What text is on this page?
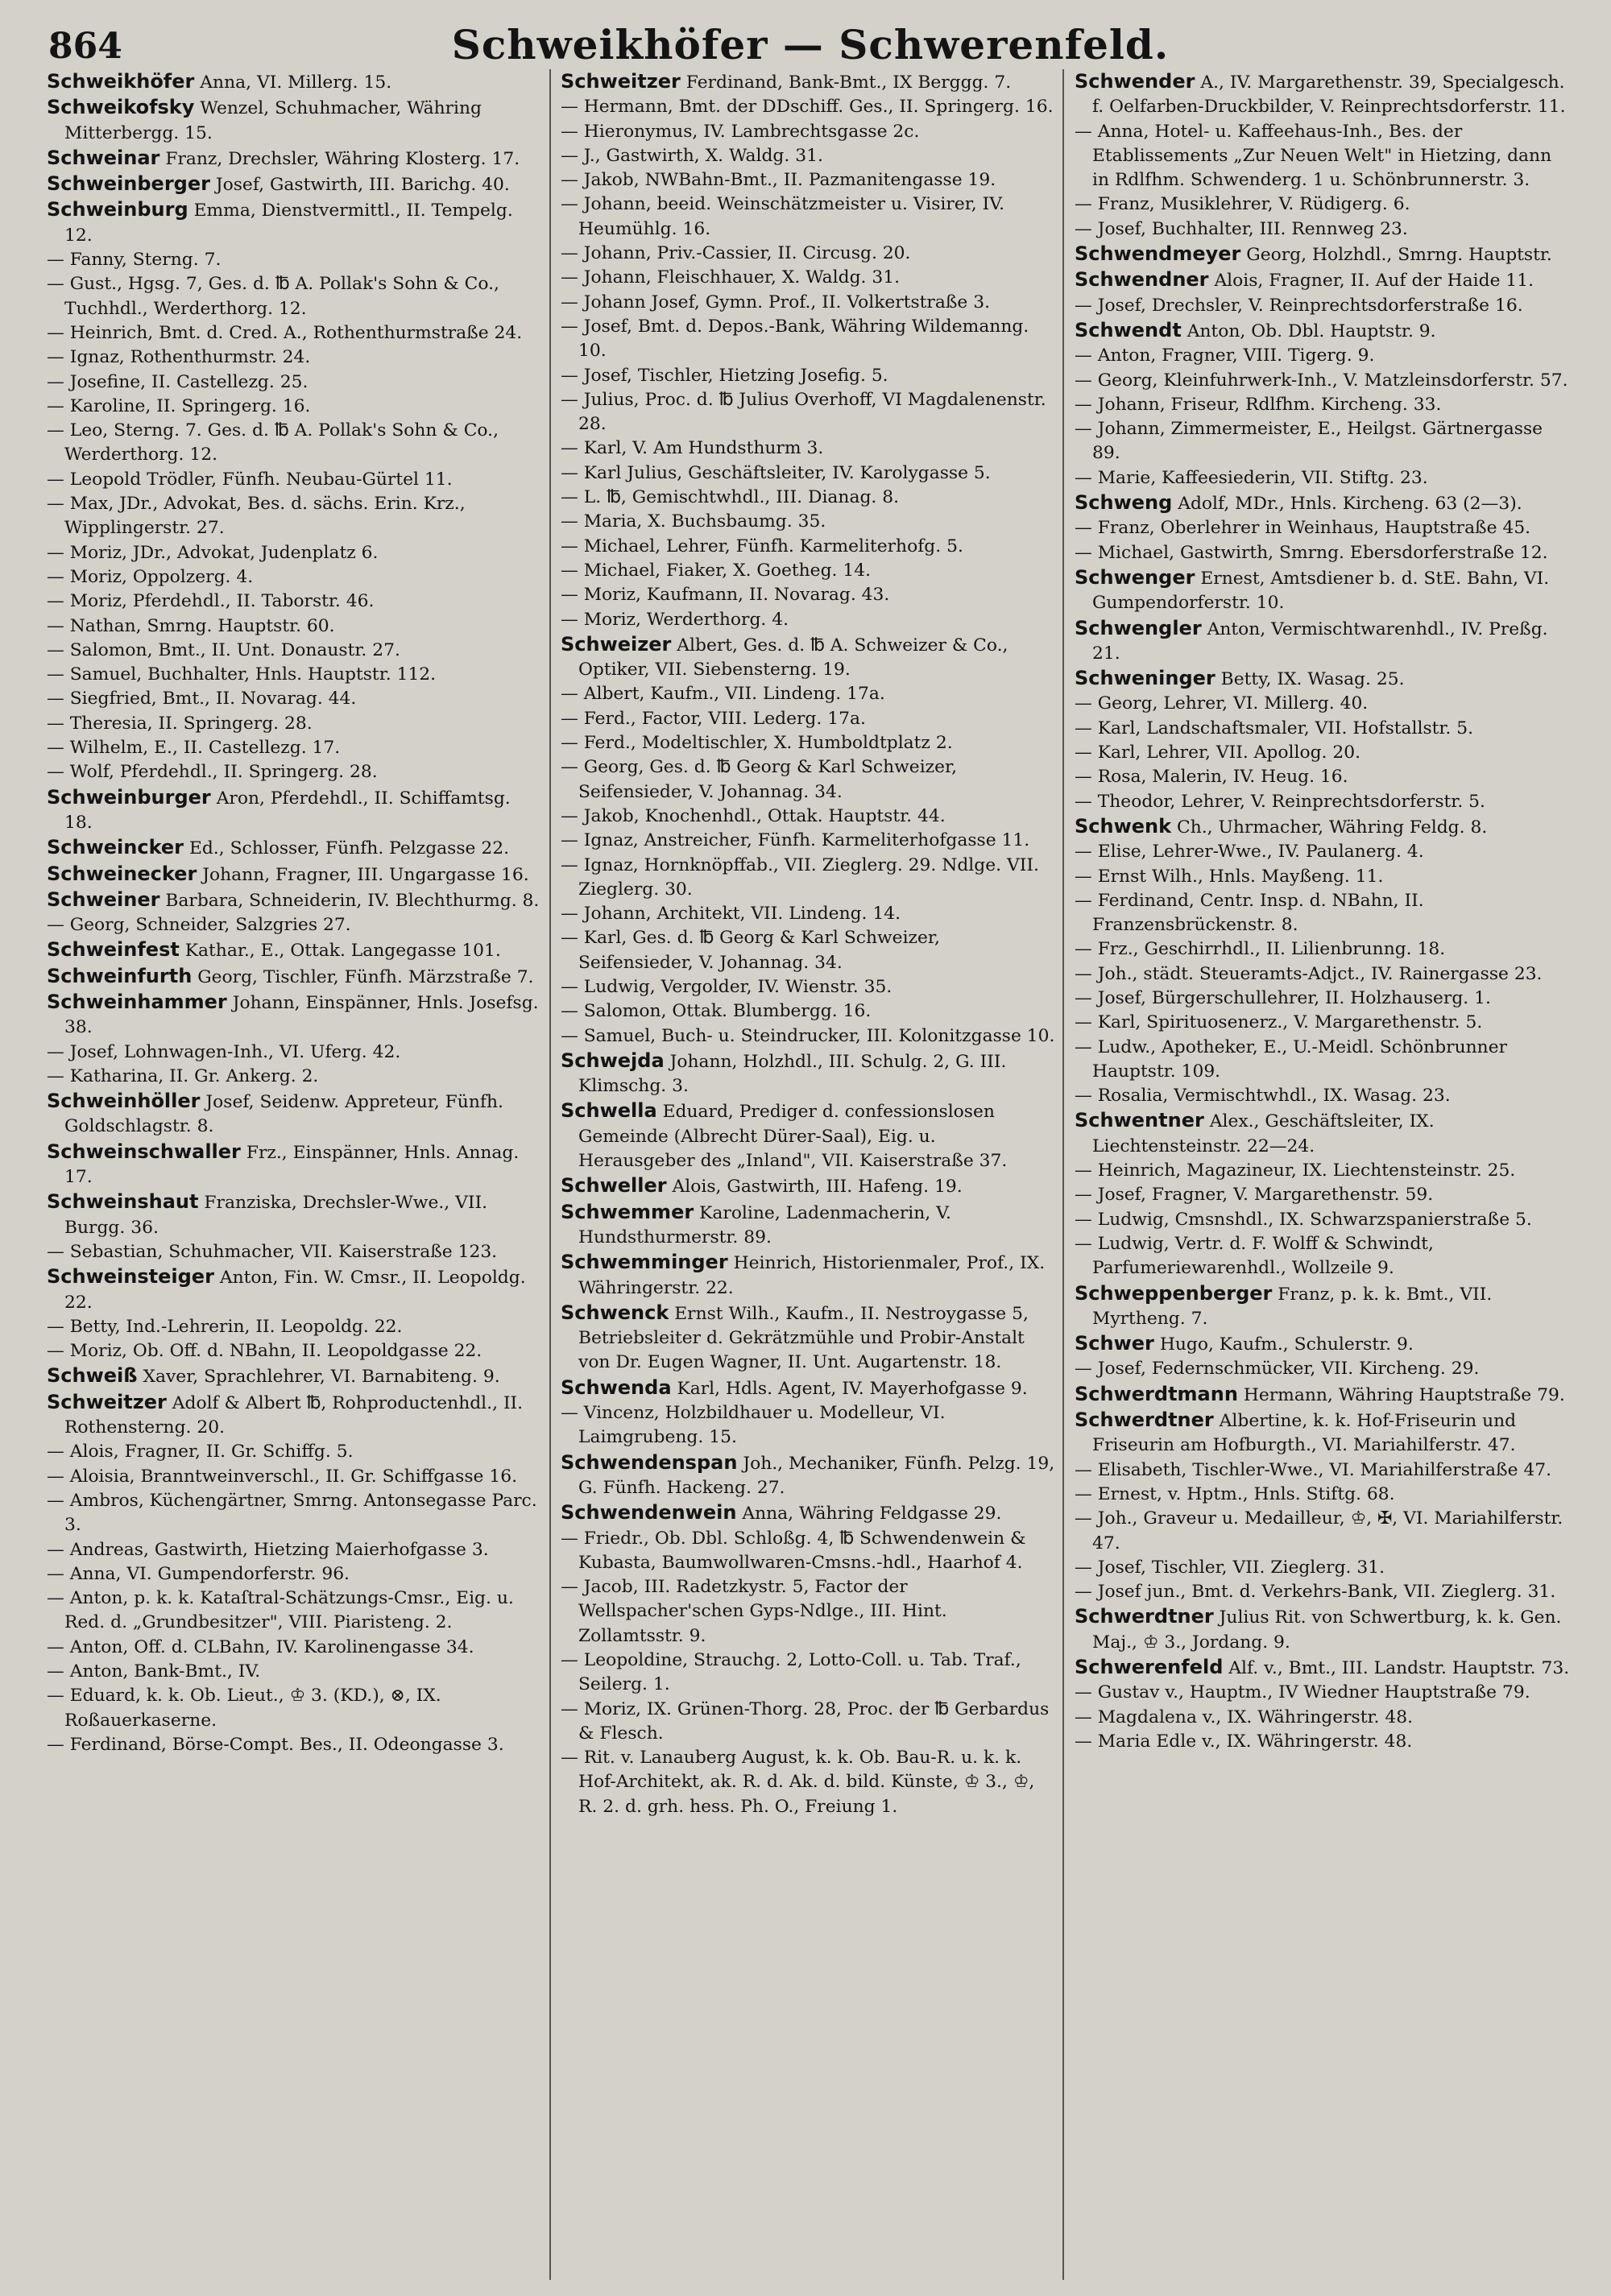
864	Schweikhöfer — Schwerenfeld.

Schweikhöfer Anna, VI. Millerg. 15.

Schweikofsky Wenzel, Schuhmacher, Währing Mitterbergg. 15.

Schweinar Franz, Drechsler, Währing Klosterg. 17.

Schweinberger Josef, Gastwirth, III. Barichg. 40.

Schweinburg Emma, Dienstvermittl., II. Tempelg. 12.

— Fanny, Sterng. 7.

— Gust., Hgsg. 7, Ges. d. ℔ A. Pollak's Sohn & Co., Tuchhdl., Werderthorg. 12.

— Heinrich, Bmt. d. Cred. A., Rothenthurmstraße 24.

— Ignaz, Rothenthurmstr. 24.

— Josefine, II. Castellezg. 25.

— Karoline, II. Springerg. 16.

— Leo, Sterng. 7. Ges. d. ℔ A. Pollak's Sohn & Co., Werderthorg. 12.

— Leopold Trödler, Fünfh. Neubau-Gürtel 11.

— Max, JDr., Advokat, Bes. d. sächs. Erin. Krz., Wipplingerstr. 27.

— Moriz, JDr., Advokat, Judenplatz 6.

— Moriz, Oppolzerg. 4.

— Moriz, Pferdehdl., II. Taborstr. 46.

— Nathan, Smrng. Hauptstr. 60.

— Salomon, Bmt., II. Unt. Donaustr. 27.

— Samuel, Buchhalter, Hnls. Hauptstr. 112.

— Siegfried, Bmt., II. Novarag. 44.

— Theresia, II. Springerg. 28.

— Wilhelm, E., II. Castellezg. 17.

— Wolf, Pferdehdl., II. Springerg. 28.

Schweinburger Aron, Pferdehdl., II. Schiffamtsg. 18.

Schweincker Ed., Schlosser, Fünfh. Pelzgasse 22.

Schweinecker Johann, Fragner, III. Ungargasse 16.

Schweiner Barbara, Schneiderin, IV. Blechthurmg. 8.

— Georg, Schneider, Salzgries 27.

Schweinfest Kathar., E., Ottak. Langegasse 101.

Schweinfurth Georg, Tischler, Fünfh. Märzstraße 7.

Schweinhammer Johann, Einspänner, Hnls. Josefsg. 38.

— Josef, Lohnwagen-Inh., VI. Uferg. 42.

— Katharina, II. Gr. Ankerg. 2.

Schweinhöller Josef, Seidenw. Appreteur, Fünfh. Goldschlagstr. 8.

Schweinschwaller Frz., Einspänner, Hnls. Annag. 17.

Schweinshaut Franziska, Drechsler-Wwe., VII. Burgg. 36.

— Sebastian, Schuhmacher, VII. Kaiserstraße 123.

Schweinsteiger Anton, Fin. W. Cmsr., II. Leopoldg. 22.

— Betty, Ind.-Lehrerin, II. Leopoldg. 22.

— Moriz, Ob. Off. d. NBahn, II. Leopoldgasse 22.

Schweiß Xaver, Sprachlehrer, VI. Barnabiteng. 9.

Schweitzer Adolf & Albert ℔, Rohproductenhdl., II. Rothensterng. 20.

— Alois, Fragner, II. Gr. Schiffg. 5.

— Aloisia, Branntweinverschl., II. Gr. Schiffgasse 16.

— Ambros, Küchengärtner, Smrng. Antonsegasse Parc. 3.

— Andreas, Gastwirth, Hietzing Maierhofgasse 3.

— Anna, VI. Gumpendorferstr. 96.

— Anton, p. k. k. Kataſtral-Schätzungs-Cmsr., Eig. u. Red. d. „Grundbesitzer", VIII. Piaristeng. 2.

— Anton, Off. d. CLBahn, IV. Karolinengasse 34.

— Anton, Bank-Bmt., IV.

— Eduard, k. k. Ob. Lieut., ♔ 3. (KD.), ⊗, IX. Roßauerkaserne.

— Ferdinand, Börse-Compt. Bes., II. Odeongasse 3.

Schweitzer Ferdinand, Bank-Bmt., IX Berggg. 7.

— Hermann, Bmt. der DDschiff. Ges., II. Springerg. 16.

— Hieronymus, IV. Lambrechtsgasse 2c.

— J., Gastwirth, X. Waldg. 31.

— Jakob, NWBahn-Bmt., II. Pazmanitengasse 19.

— Johann, beeid. Weinschätzmeister u. Visirer, IV. Heumühlg. 16.

— Johann, Priv.-Cassier, II. Circusg. 20.

— Johann, Fleischhauer, X. Waldg. 31.

— Johann Josef, Gymn. Prof., II. Volkertstraße 3.

— Josef, Bmt. d. Depos.-Bank, Währing Wildemanng. 10.

— Josef, Tischler, Hietzing Josefig. 5.

— Julius, Proc. d. ℔ Julius Overhoff, VI Magdalenenstr. 28.

— Karl, V. Am Hundsthurm 3.

— Karl Julius, Geschäftsleiter, IV. Karolygasse 5.

— L. ℔, Gemischtwhdl., III. Dianag. 8.

— Maria, X. Buchsbaumg. 35.

— Michael, Lehrer, Fünfh. Karmeliterhofg. 5.

— Michael, Fiaker, X. Goetheg. 14.

— Moriz, Kaufmann, II. Novarag. 43.

— Moriz, Werderthorg. 4.

Schweizer Albert, Ges. d. ℔ A. Schweizer & Co., Optiker, VII. Siebensterng. 19.

— Albert, Kaufm., VII. Lindeng. 17a.

— Ferd., Factor, VIII. Lederg. 17a.

— Ferd., Modeltischler, X. Humboldtplatz 2.

— Georg, Ges. d. ℔ Georg & Karl Schweizer, Seifensieder, V. Johannag. 34.

— Jakob, Knochenhdl., Ottak. Hauptstr. 44.

— Ignaz, Anstreicher, Fünfh. Karmeliterhofgasse 11.

— Ignaz, Hornknöpffab., VII. Zieglerg. 29. Ndlge. VII. Zieglerg. 30.

— Johann, Architekt, VII. Lindeng. 14.

— Karl, Ges. d. ℔ Georg & Karl Schweizer, Seifensieder, V. Johannag. 34.

— Ludwig, Vergolder, IV. Wienstr. 35.

— Salomon, Ottak. Blumbergg. 16.

— Samuel, Buch- u. Steindrucker, III. Kolonitzgasse 10.

Schwejda Johann, Holzhdl., III. Schulg. 2, G. III. Klimschg. 3.

Schwella Eduard, Prediger d. confessionslosen Gemeinde (Albrecht Dürer-Saal), Eig. u. Herausgeber des „Inland", VII. Kaiserstraße 37.

Schweller Alois, Gastwirth, III. Hafeng. 19.

Schwemmer Karoline, Ladenmacherin, V. Hundsthurmerstr. 89.

Schwemminger Heinrich, Historienmaler, Prof., IX. Währingerstr. 22.

Schwenck Ernst Wilh., Kaufm., II. Nestroygasse 5, Betriebsleiter d. Gekrätzmühle und Probir-Anstalt von Dr. Eugen Wagner, II. Unt. Augartenstr. 18.

Schwenda Karl, Hdls. Agent, IV. Mayerhofgasse 9.

— Vincenz, Holzbildhauer u. Modelleur, VI. Laimgrubeng. 15.

Schwendenspan Joh., Mechaniker, Fünfh. Pelzg. 19, G. Fünfh. Hackeng. 27.

Schwendenwein Anna, Währing Feldgasse 29.

— Friedr., Ob. Dbl. Schloßg. 4, ℔ Schwendenwein & Kubasta, Baumwollwaren-Cmsns.-hdl., Haarhof 4.

— Jacob, III. Radetzkystr. 5, Factor der Wellspacher'schen Gyps-Ndlge., III. Hint. Zollamtsstr. 9.

— Leopoldine, Strauchg. 2, Lotto-Coll. u. Tab. Traf., Seilerg. 1.

— Moriz, IX. Grünen-Thorg. 28, Proc. der ℔ Gerbardus & Flesch.

— Rit. v. Lanauberg August, k. k. Ob. Bau-R. u. k. k. Hof-Architekt, ak. R. d. Ak. d. bild. Künste, ♔ 3., ♔, R. 2. d. grh. hess. Ph. O., Freiung 1.

Schwender A., IV. Margarethenstr. 39, Specialgesch. f. Oelfarben-Druckbilder, V. Reinprechtsdorferstr. 11.

— Anna, Hotel- u. Kaffeehaus-Inh., Bes. der Etablissements „Zur Neuen Welt" in Hietzing, dann in Rdlfhm. Schwenderg. 1 u. Schönbrunnerstr. 3.

— Franz, Musiklehrer, V. Rüdigerg. 6.

— Josef, Buchhalter, III. Rennweg 23.

Schwendmeyer Georg, Holzhdl., Smrng. Hauptstr.

Schwendner Alois, Fragner, II. Auf der Haide 11.

— Josef, Drechsler, V. Reinprechtsdorferstraße 16.

Schwendt Anton, Ob. Dbl. Hauptstr. 9.

— Anton, Fragner, VIII. Tigerg. 9.

— Georg, Kleinfuhrwerk-Inh., V. Matzleinsdorferstr. 57.

— Johann, Friseur, Rdlfhm. Kircheng. 33.

— Johann, Zimmermeister, E., Heilgst. Gärtnergasse 89.

— Marie, Kaffeesiederin, VII. Stiftg. 23.

Schweng Adolf, MDr., Hnls. Kircheng. 63 (2—3).

— Franz, Oberlehrer in Weinhaus, Hauptstraße 45.

— Michael, Gastwirth, Smrng. Ebersdorferstraße 12.

Schwenger Ernest, Amtsdiener b. d. StE. Bahn, VI. Gumpendorferstr. 10.

Schwengler Anton, Vermischtwarenhdl., IV. Preßg. 21.

Schweninger Betty, IX. Wasag. 25.

— Georg, Lehrer, VI. Millerg. 40.

— Karl, Landschaftsmaler, VII. Hofstallstr. 5.

— Karl, Lehrer, VII. Apollog. 20.

— Rosa, Malerin, IV. Heug. 16.

— Theodor, Lehrer, V. Reinprechtsdorferstr. 5.

Schwenk Ch., Uhrmacher, Währing Feldg. 8.

— Elise, Lehrer-Wwe., IV. Paulanerg. 4.

— Ernst Wilh., Hnls. Mayßeng. 11.

— Ferdinand, Centr. Insp. d. NBahn, II. Franzensbrückenstr. 8.

— Frz., Geschirrhdl., II. Lilienbrunng. 18.

— Joh., städt. Steueramts-Adjct., IV. Rainergasse 23.

— Josef, Bürgerschullehrer, II. Holzhauserg. 1.

— Karl, Spirituosenerz., V. Margarethenstr. 5.

— Ludw., Apotheker, E., U.-Meidl. Schönbrunner Hauptstr. 109.

— Rosalia, Vermischtwhdl., IX. Wasag. 23.

Schwentner Alex., Geschäftsleiter, IX. Liechtensteinstr. 22—24.

— Heinrich, Magazineur, IX. Liechtensteinstr. 25.

— Josef, Fragner, V. Margarethenstr. 59.

— Ludwig, Cmsnshdl., IX. Schwarzspanierstraße 5.

— Ludwig, Vertr. d. F. Wolff & Schwindt, Parfumeriewarenhdl., Wollzeile 9.

Schweppenberger Franz, p. k. k. Bmt., VII. Myrtheng. 7.

Schwer Hugo, Kaufm., Schulerstr. 9.

— Josef, Federnschmücker, VII. Kircheng. 29.

Schwerdtmann Hermann, Währing Hauptstraße 79.

Schwerdtner Albertine, k. k. Hof-Friseurin und Friseurin am Hofburgth., VI. Mariahilferstr. 47.

— Elisabeth, Tischler-Wwe., VI. Mariahilferstraße 47.

— Ernest, v. Hptm., Hnls. Stiftg. 68.

— Joh., Graveur u. Medailleur, ♔, ✠, VI. Mariahilferstr. 47.

— Josef, Tischler, VII. Zieglerg. 31.

— Josef jun., Bmt. d. Verkehrs-Bank, VII. Zieglerg. 31.

Schwerdtner Julius Rit. von Schwertburg, k. k. Gen. Maj., ♔ 3., Jordang. 9.

Schwerenfeld Alf. v., Bmt., III. Landstr. Hauptstr. 73.

— Gustav v., Hauptm., IV Wiedner Hauptstraße 79.

— Magdalena v., IX. Währingerstr. 48.

— Maria Edle v., IX. Währingerstr. 48.
